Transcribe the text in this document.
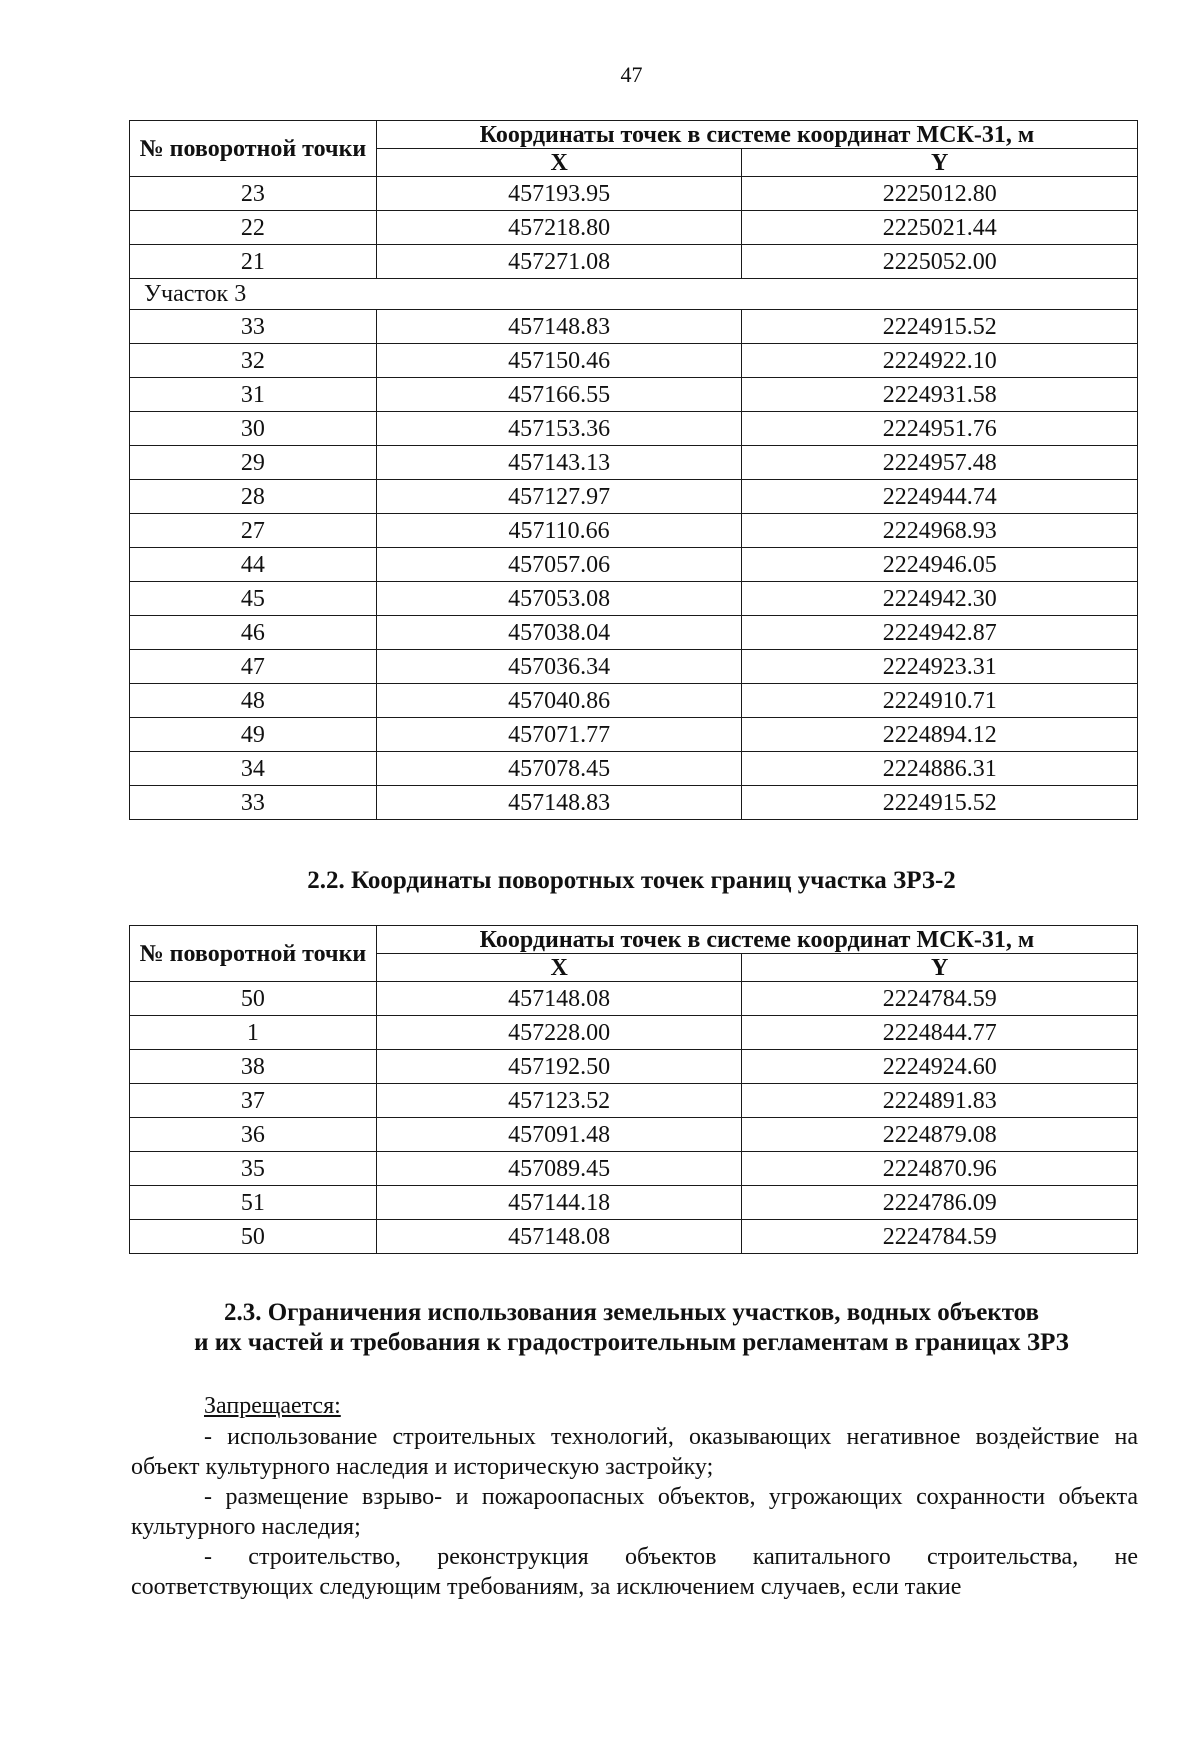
47
№ поворотной точки	Координаты точек в системе координат МСК-31, м	
	X	Y
23	457193.95	2225012.80
22	457218.80	2225021.44
21	457271.08	2225052.00
Участок 3		
33	457148.83	2224915.52
32	457150.46	2224922.10
31	457166.55	2224931.58
30	457153.36	2224951.76
29	457143.13	2224957.48
28	457127.97	2224944.74
27	457110.66	2224968.93
44	457057.06	2224946.05
45	457053.08	2224942.30
46	457038.04	2224942.87
47	457036.34	2224923.31
48	457040.86	2224910.71
49	457071.77	2224894.12
34	457078.45	2224886.31
33	457148.83	2224915.52
2.2. Координаты поворотных точек границ участка ЗРЗ-2
№ поворотной точки	Координаты точек в системе координат МСК-31, м	
	X	Y
50	457148.08	2224784.59
1	457228.00	2224844.77
38	457192.50	2224924.60
37	457123.52	2224891.83
36	457091.48	2224879.08
35	457089.45	2224870.96
51	457144.18	2224786.09
50	457148.08	2224784.59
2.3. Ограничения использования земельных участков, водных объектов
и их частей и требования к градостроительным регламентам в границах ЗРЗ
Запрещается:

- использование строительных технологий, оказывающих негативное воздействие на объект культурного наследия и историческую застройку;

- размещение взрыво- и пожароопасных объектов, угрожающих сохранности объекта культурного наследия;

- строительство, реконструкция объектов капитального строительства, не соответствующих следующим требованиям, за исключением случаев, если такие
